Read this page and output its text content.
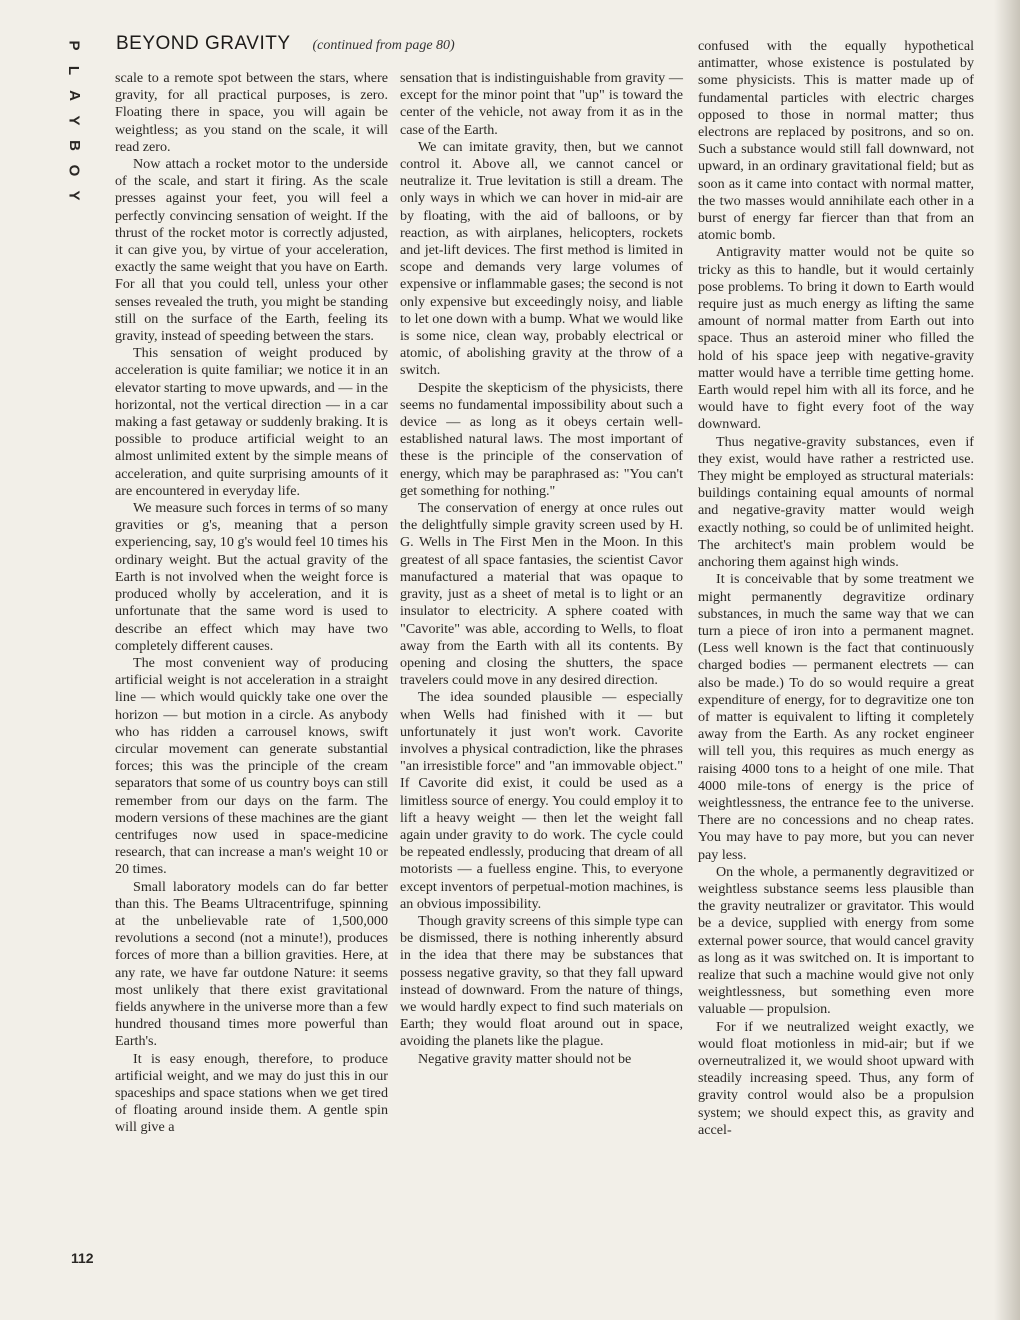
P
L
A
Y
B
O
Y
BEYOND GRAVITY (continued from page 80)

scale to a remote spot between the stars, where gravity, for all practical purposes, is zero. Floating there in space, you will again be weightless; as you stand on the scale, it will read zero.

Now attach a rocket motor to the underside of the scale, and start it firing. As the scale presses against your feet, you will feel a perfectly convincing sensation of weight. If the thrust of the rocket motor is correctly adjusted, it can give you, by virtue of your acceleration, exactly the same weight that you have on Earth. For all that you could tell, unless your other senses revealed the truth, you might be standing still on the surface of the Earth, feeling its gravity, instead of speeding between the stars.

This sensation of weight produced by acceleration is quite familiar; we notice it in an elevator starting to move upwards, and — in the horizontal, not the vertical direction — in a car making a fast getaway or suddenly braking. It is possible to produce artificial weight to an almost unlimited extent by the simple means of acceleration, and quite surprising amounts of it are encountered in everyday life.

We measure such forces in terms of so many gravities or g's, meaning that a person experiencing, say, 10 g's would feel 10 times his ordinary weight. But the actual gravity of the Earth is not involved when the weight force is produced wholly by acceleration, and it is unfortunate that the same word is used to describe an effect which may have two completely different causes.

The most convenient way of producing artificial weight is not acceleration in a straight line — which would quickly take one over the horizon — but motion in a circle. As anybody who has ridden a carrousel knows, swift circular movement can generate substantial forces; this was the principle of the cream separators that some of us country boys can still remember from our days on the farm. The modern versions of these machines are the giant centrifuges now used in space-medicine research, that can increase a man's weight 10 or 20 times.

Small laboratory models can do far better than this. The Beams Ultracentrifuge, spinning at the unbelievable rate of 1,500,000 revolutions a second (not a minute!), produces forces of more than a billion gravities. Here, at any rate, we have far outdone Nature: it seems most unlikely that there exist gravitational fields anywhere in the universe more than a few hundred thousand times more powerful than Earth's.

It is easy enough, therefore, to produce artificial weight, and we may do just this in our spaceships and space stations when we get tired of floating around inside them. A gentle spin will give a

sensation that is indistinguishable from gravity — except for the minor point that "up" is toward the center of the vehicle, not away from it as in the case of the Earth.

We can imitate gravity, then, but we cannot control it. Above all, we cannot cancel or neutralize it. True levitation is still a dream. The only ways in which we can hover in mid-air are by floating, with the aid of balloons, or by reaction, as with airplanes, helicopters, rockets and jet-lift devices. The first method is limited in scope and demands very large volumes of expensive or inflammable gases; the second is not only expensive but exceedingly noisy, and liable to let one down with a bump. What we would like is some nice, clean way, probably electrical or atomic, of abolishing gravity at the throw of a switch.

Despite the skepticism of the physicists, there seems no fundamental impossibility about such a device — as long as it obeys certain well-established natural laws. The most important of these is the principle of the conservation of energy, which may be paraphrased as: "You can't get something for nothing."

The conservation of energy at once rules out the delightfully simple gravity screen used by H. G. Wells in The First Men in the Moon. In this greatest of all space fantasies, the scientist Cavor manufactured a material that was opaque to gravity, just as a sheet of metal is to light or an insulator to electricity. A sphere coated with "Cavorite" was able, according to Wells, to float away from the Earth with all its contents. By opening and closing the shutters, the space travelers could move in any desired direction.

The idea sounded plausible — especially when Wells had finished with it — but unfortunately it just won't work. Cavorite involves a physical contradiction, like the phrases "an irresistible force" and "an immovable object." If Cavorite did exist, it could be used as a limitless source of energy. You could employ it to lift a heavy weight — then let the weight fall again under gravity to do work. The cycle could be repeated endlessly, producing that dream of all motorists — a fuelless engine. This, to everyone except inventors of perpetual-motion machines, is an obvious impossibility.

Though gravity screens of this simple type can be dismissed, there is nothing inherently absurd in the idea that there may be substances that possess negative gravity, so that they fall upward instead of downward. From the nature of things, we would hardly expect to find such materials on Earth; they would float around out in space, avoiding the planets like the plague.

Negative gravity matter should not be

confused with the equally hypothetical antimatter, whose existence is postulated by some physicists. This is matter made up of fundamental particles with electric charges opposed to those in normal matter; thus electrons are replaced by positrons, and so on. Such a substance would still fall downward, not upward, in an ordinary gravitational field; but as soon as it came into contact with normal matter, the two masses would annihilate each other in a burst of energy far fiercer than that from an atomic bomb.

Antigravity matter would not be quite so tricky as this to handle, but it would certainly pose problems. To bring it down to Earth would require just as much energy as lifting the same amount of normal matter from Earth out into space. Thus an asteroid miner who filled the hold of his space jeep with negative-gravity matter would have a terrible time getting home. Earth would repel him with all its force, and he would have to fight every foot of the way downward.

Thus negative-gravity substances, even if they exist, would have rather a restricted use. They might be employed as structural materials: buildings containing equal amounts of normal and negative-gravity matter would weigh exactly nothing, so could be of unlimited height. The architect's main problem would be anchoring them against high winds.

It is conceivable that by some treatment we might permanently degravitize ordinary substances, in much the same way that we can turn a piece of iron into a permanent magnet. (Less well known is the fact that continuously charged bodies — permanent electrets — can also be made.) To do so would require a great expenditure of energy, for to degravitize one ton of matter is equivalent to lifting it completely away from the Earth. As any rocket engineer will tell you, this requires as much energy as raising 4000 tons to a height of one mile. That 4000 mile-tons of energy is the price of weightlessness, the entrance fee to the universe. There are no concessions and no cheap rates. You may have to pay more, but you can never pay less.

On the whole, a permanently degravitized or weightless substance seems less plausible than the gravity neutralizer or gravitator. This would be a device, supplied with energy from some external power source, that would cancel gravity as long as it was switched on. It is important to realize that such a machine would give not only weightlessness, but something even more valuable — propulsion.

For if we neutralized weight exactly, we would float motionless in mid-air; but if we overneutralized it, we would shoot upward with steadily increasing speed. Thus, any form of gravity control would also be a propulsion system; we should expect this, as gravity and accel-

112
